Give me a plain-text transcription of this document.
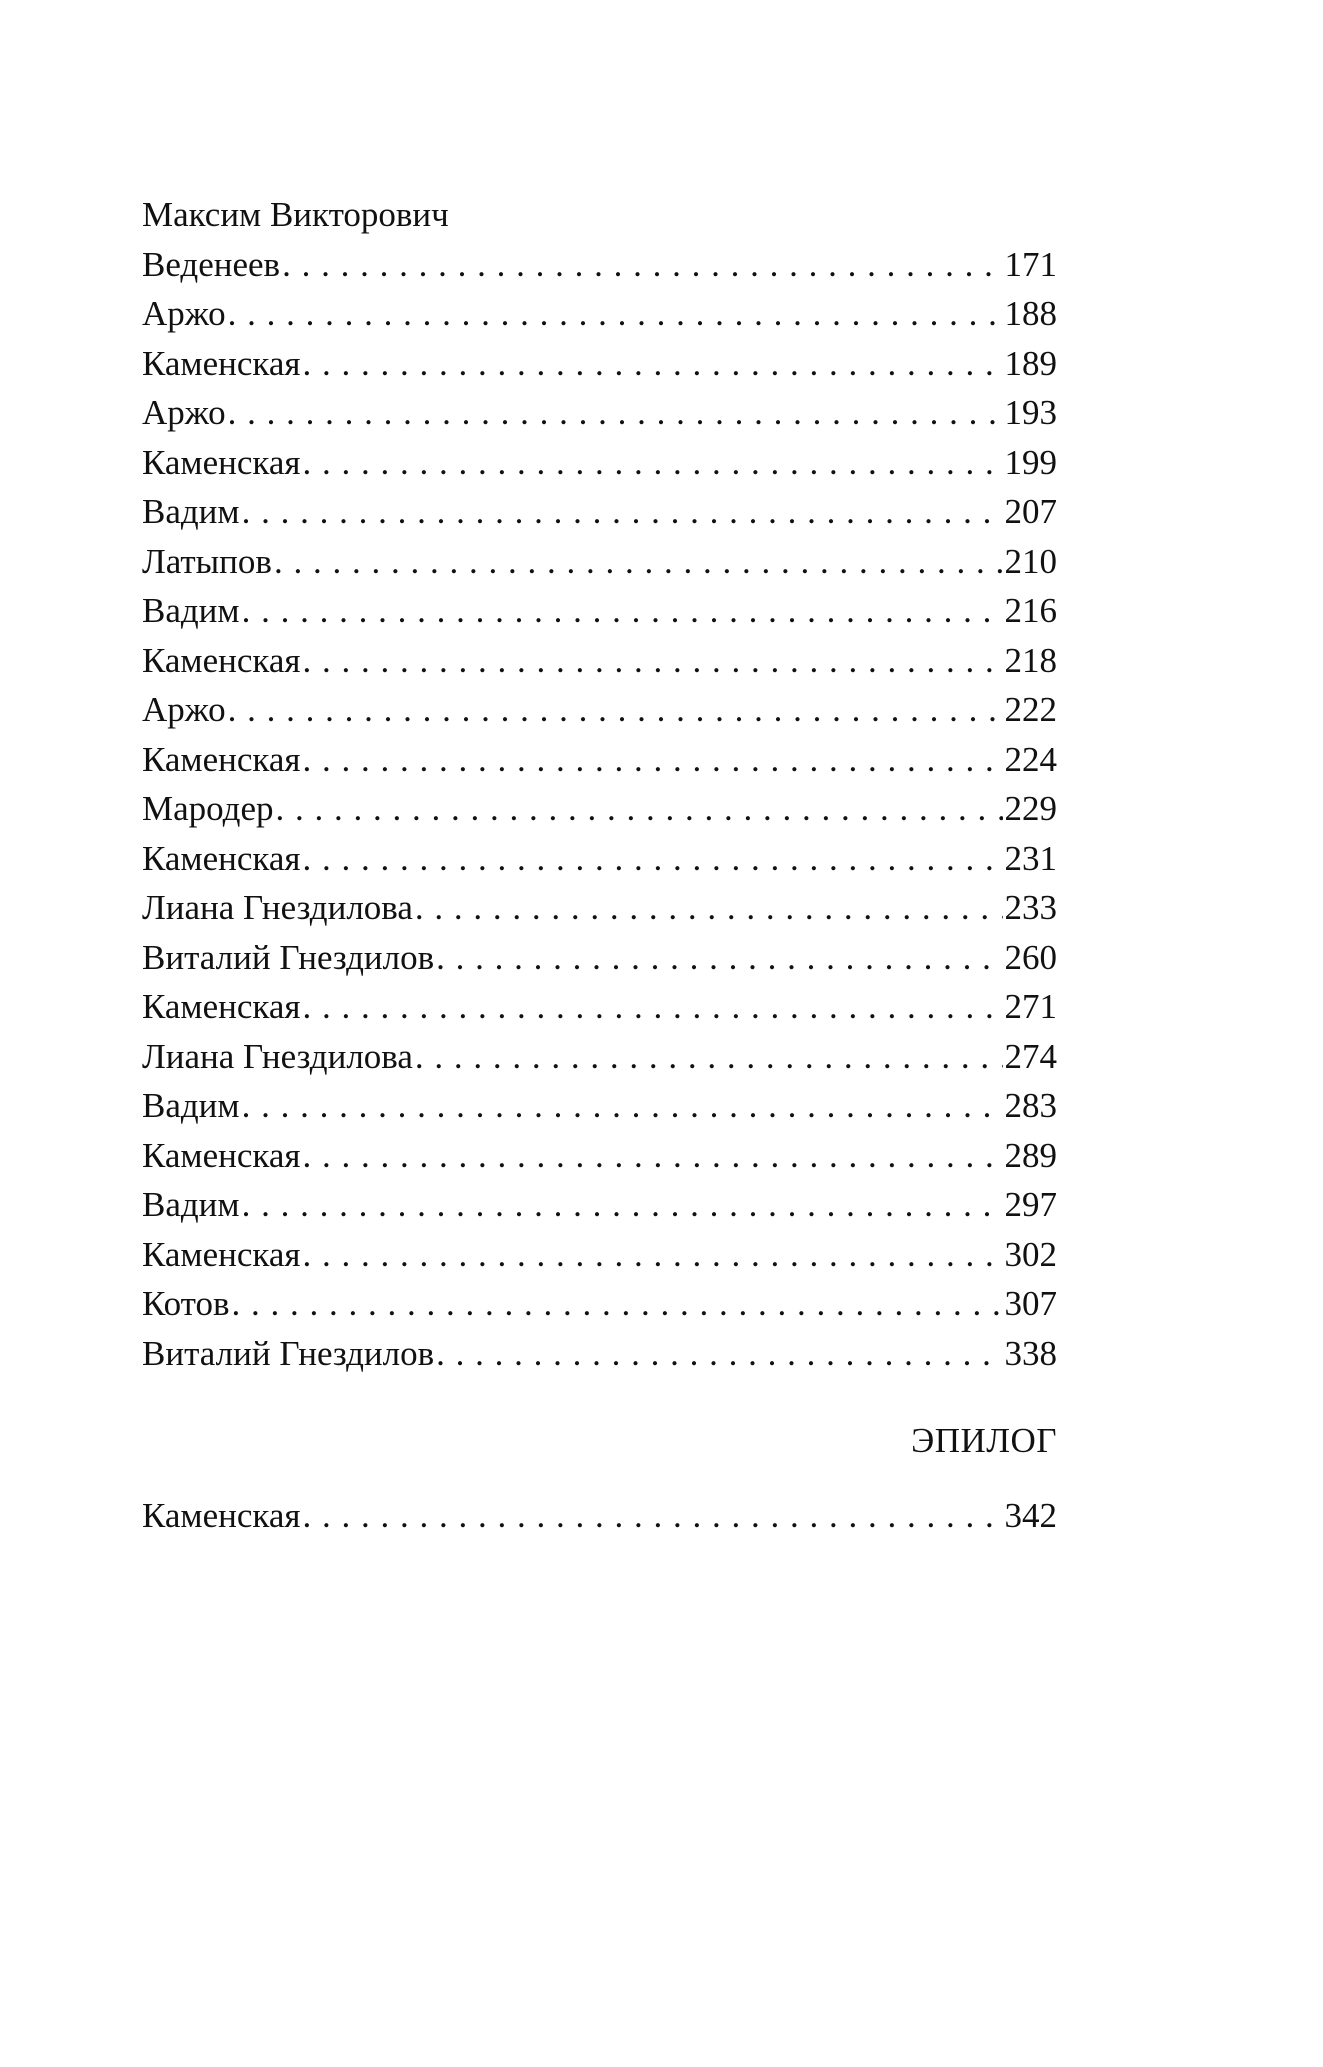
Максим Викторович
Веденеев . . .	171
Аржо . . .	188
Каменская . . .	189
Аржо . . .	193
Каменская . . .	199
Вадим . . .	207
Латыпов . . .	210
Вадим . . .	216
Каменская . . .	218
Аржо . . .	222
Каменская . . .	224
Мародер . . .	229
Каменская . . .	231
Лиана Гнездилова . . .	233
Виталий Гнездилов . . .	260
Каменская . . .	271
Лиана Гнездилова . . .	274
Вадим . . .	283
Каменская . . .	289
Вадим . . .	297
Каменская . . .	302
Котов . . .	307
Виталий Гнездилов . . .	338
ЭПИЛОГ
Каменская . . .	342
